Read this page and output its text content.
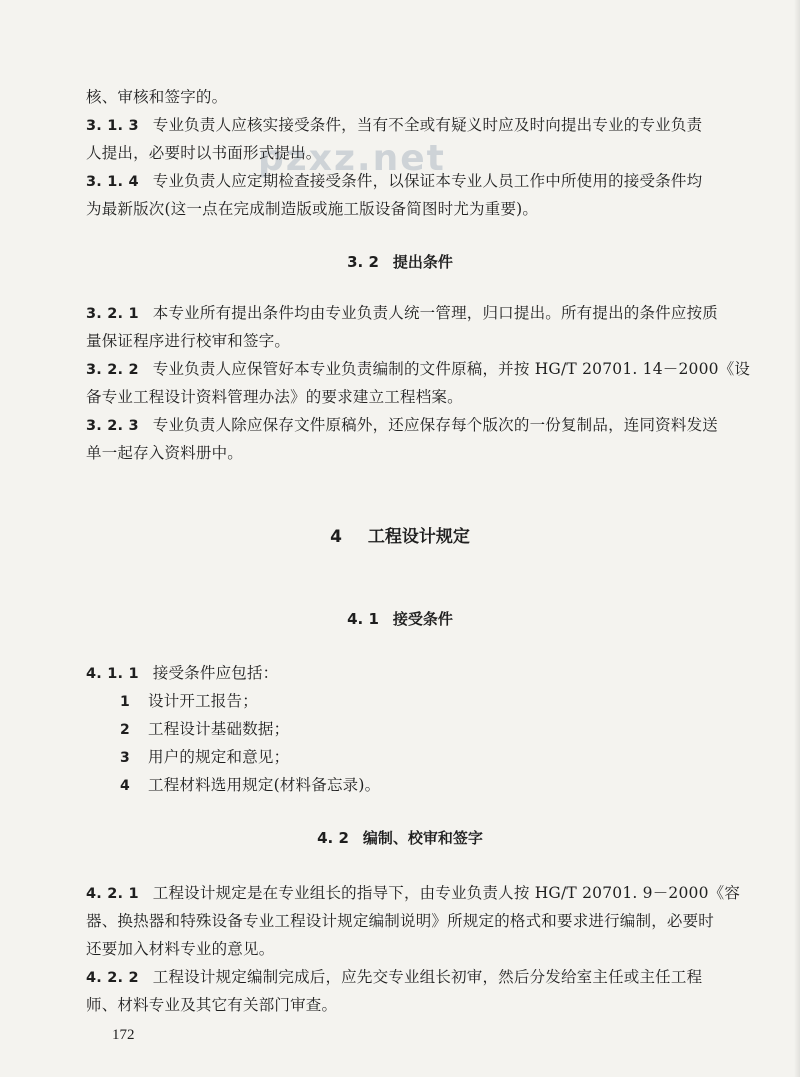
pzxz.net
核、审核和签字的。
3. 1. 3 专业负责人应核实接受条件，当有不全或有疑义时应及时向提出专业的专业负责
人提出，必要时以书面形式提出。
3. 1. 4 专业负责人应定期检查接受条件，以保证本专业人员工作中所使用的接受条件均
为最新版次(这一点在完成制造版或施工版设备简图时尤为重要)。
3. 2 提出条件
3. 2. 1 本专业所有提出条件均由专业负责人统一管理，归口提出。所有提出的条件应按质
量保证程序进行校审和签字。
3. 2. 2 专业负责人应保管好本专业负责编制的文件原稿，并按 HG/T 20701. 14－2000《设
备专业工程设计资料管理办法》的要求建立工程档案。
3. 2. 3 专业负责人除应保存文件原稿外，还应保存每个版次的一份复制品，连同资料发送
单一起存入资料册中。
4 工程设计规定
4. 1 接受条件
4. 1. 1 接受条件应包括：
1 设计开工报告；
2 工程设计基础数据；
3 用户的规定和意见；
4 工程材料选用规定(材料备忘录)。
4. 2 编制、校审和签字
4. 2. 1 工程设计规定是在专业组长的指导下，由专业负责人按 HG/T 20701. 9－2000《容
器、换热器和特殊设备专业工程设计规定编制说明》所规定的格式和要求进行编制，必要时
还要加入材料专业的意见。
4. 2. 2 工程设计规定编制完成后，应先交专业组长初审，然后分发给室主任或主任工程
师、材料专业及其它有关部门审查。
172
